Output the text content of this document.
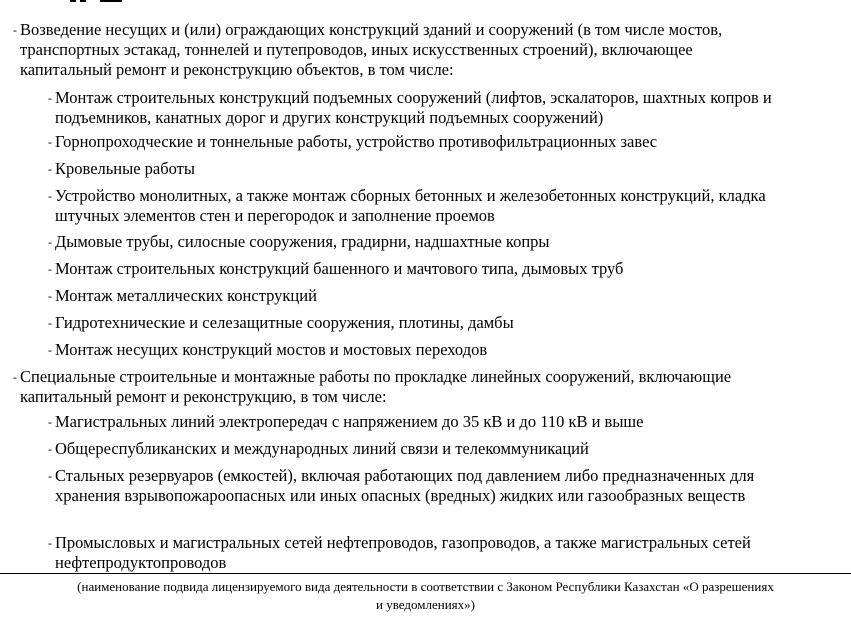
- Возведение несущих и (или) ограждающих конструкций зданий и сооружений (в том числе мостов,
транспортных эстакад, тоннелей и путепроводов, иных искусственных строений), включающее
капитальный ремонт и реконструкцию объектов, в том числе:
- Монтаж строительных конструкций подъемных сооружений (лифтов, эскалаторов, шахтных копров и
подъемников, канатных дорог и других конструкций подъемных сооружений)
- Горнопроходческие и тоннельные работы, устройство противофильтрационных завес
- Кровельные работы
- Устройство монолитных, а также монтаж сборных бетонных и железобетонных конструкций, кладка
штучных элементов стен и перегородок и заполнение проемов
- Дымовые трубы, силосные сооружения, градирни, надшахтные копры
- Монтаж строительных конструкций башенного и мачтового типа, дымовых труб
- Монтаж металлических конструкций
- Гидротехнические и селезащитные сооружения, плотины, дамбы
- Монтаж несущих конструкций мостов и мостовых переходов
- Специальные строительные и монтажные работы по прокладке линейных сооружений, включающие
капитальный ремонт и реконструкцию, в том числе:
- Магистральных линий электропередач с напряжением до 35 кВ и до 110 кВ и выше
- Общереспубликанских и международных линий связи и телекоммуникаций
- Стальных резервуаров (емкостей), включая работающих под давлением либо предназначенных для
хранения взрывопожароопасных или иных опасных (вредных) жидких или газообразных веществ
- Промысловых и магистральных сетей нефтепроводов, газопроводов, а также магистральных сетей
нефтепродуктопроводов
(наименование подвида лицензируемого вида деятельности в соответствии с Законом Республики Казахстан «О разрешениях
и уведомлениях»)
